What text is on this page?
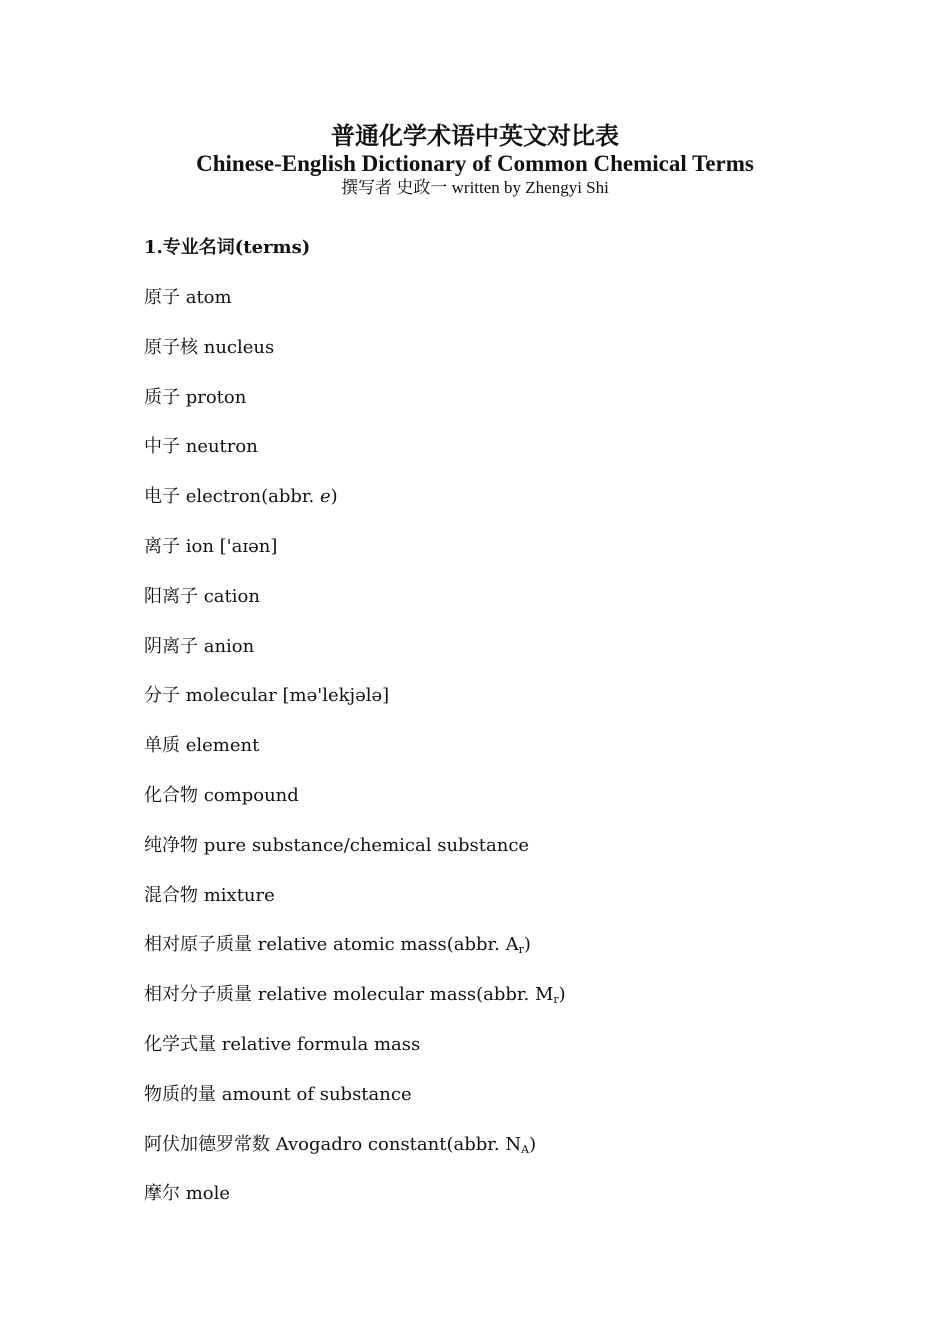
普通化学术语中英文对比表

Chinese-English Dictionary of Common Chemical Terms

撰写者 史政一 written by Zhengyi Shi

1.专业名词(terms)

原子 atom
原子核 nucleus
质子 proton
中子 neutron
电子 electron(abbr. e)
离子 ion ['aɪən]
阳离子 cation
阴离子 anion
分子 molecular [mə'lekjələ]
单质 element
化合物 compound
纯净物 pure substance/chemical substance
混合物 mixture
相对原子质量 relative atomic mass(abbr. $A_r$)
相对分子质量 relative molecular mass(abbr. $M_r$)
化学式量 relative formula mass
物质的量 amount of substance
阿伏加德罗常数 Avogadro constant(abbr. $N_A$)
摩尔 mole
